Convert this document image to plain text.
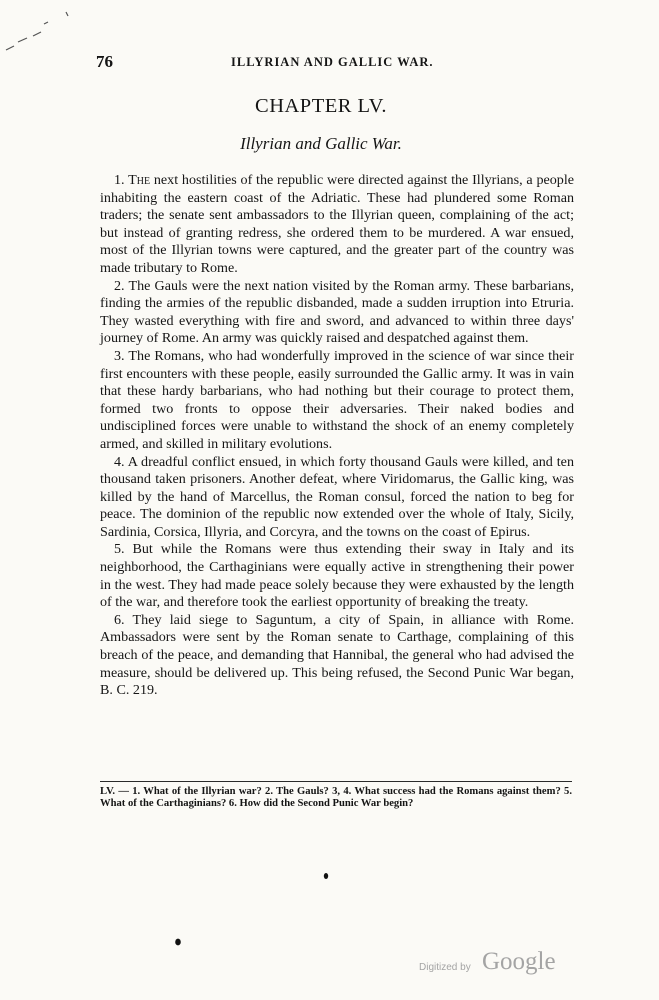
76	ILLYRIAN AND GALLIC WAR.
CHAPTER LV.
Illyrian and Gallic War.

1. The next hostilities of the republic were directed against the Illyrians, a people inhabiting the eastern coast of the Adriatic. These had plundered some Roman traders; the senate sent ambassadors to the Illyrian queen, complaining of the act; but instead of granting redress, she ordered them to be murdered. A war ensued, most of the Illyrian towns were captured, and the greater part of the country was made tributary to Rome.

2. The Gauls were the next nation visited by the Roman army. These barbarians, finding the armies of the republic disbanded, made a sudden irruption into Etruria. They wasted everything with fire and sword, and advanced to within three days' journey of Rome. An army was quickly raised and despatched against them.

3. The Romans, who had wonderfully improved in the science of war since their first encounters with these people, easily surrounded the Gallic army. It was in vain that these hardy barbarians, who had nothing but their courage to protect them, formed two fronts to oppose their adversaries. Their naked bodies and undisciplined forces were unable to withstand the shock of an enemy completely armed, and skilled in military evolutions.

4. A dreadful conflict ensued, in which forty thousand Gauls were killed, and ten thousand taken prisoners. Another defeat, where Viridomarus, the Gallic king, was killed by the hand of Marcellus, the Roman consul, forced the nation to beg for peace. The dominion of the republic now extended over the whole of Italy, Sicily, Sardinia, Corsica, Illyria, and Corcyra, and the towns on the coast of Epirus.

5. But while the Romans were thus extending their sway in Italy and its neighborhood, the Carthaginians were equally active in strengthening their power in the west. They had made peace solely because they were exhausted by the length of the war, and therefore took the earliest opportunity of breaking the treaty.

6. They laid siege to Saguntum, a city of Spain, in alliance with Rome. Ambassadors were sent by the Roman senate to Carthage, complaining of this breach of the peace, and demanding that Hannibal, the general who had advised the measure, should be delivered up. This being refused, the Second Punic War began, B. C. 219.

LV. — 1. What of the Illyrian war? 2. The Gauls? 3, 4. What success had the Romans against them? 5. What of the Carthaginians? 6. How did the Second Punic War begin?
Digitized by Google
